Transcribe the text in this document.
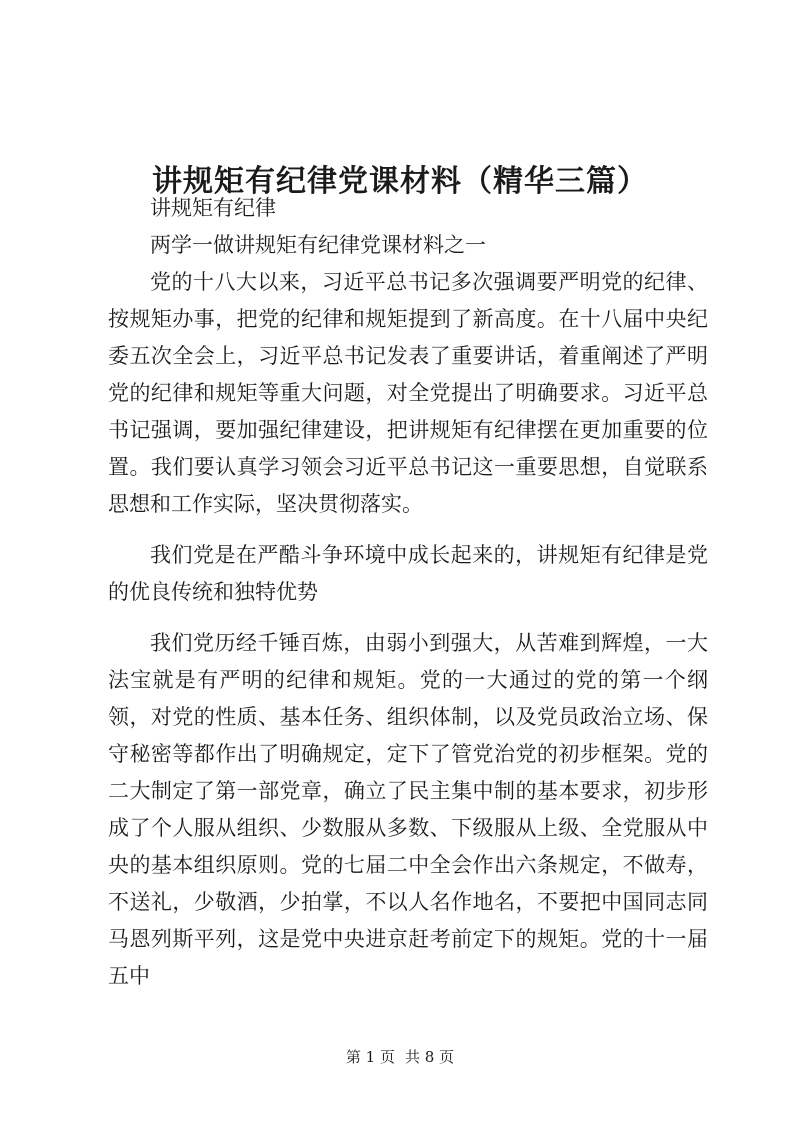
讲规矩有纪律党课材料（精华三篇）

讲规矩有纪律

两学一做讲规矩有纪律党课材料之一

党的十八大以来，习近平总书记多次强调要严明党的纪律、按规矩办事，把党的纪律和规矩提到了新高度。在十八届中央纪委五次全会上，习近平总书记发表了重要讲话，着重阐述了严明党的纪律和规矩等重大问题，对全党提出了明确要求。习近平总书记强调，要加强纪律建设，把讲规矩有纪律摆在更加重要的位置。我们要认真学习领会习近平总书记这一重要思想，自觉联系思想和工作实际，坚决贯彻落实。

我们党是在严酷斗争环境中成长起来的，讲规矩有纪律是党的优良传统和独特优势

我们党历经千锤百炼，由弱小到强大，从苦难到辉煌，一大法宝就是有严明的纪律和规矩。党的一大通过的党的第一个纲领，对党的性质、基本任务、组织体制，以及党员政治立场、保守秘密等都作出了明确规定，定下了管党治党的初步框架。党的二大制定了第一部党章，确立了民主集中制的基本要求，初步形成了个人服从组织、少数服从多数、下级服从上级、全党服从中央的基本组织原则。党的七届二中全会作出六条规定，不做寿，不送礼，少敬酒，少拍掌，不以人名作地名，不要把中国同志同马恩列斯平列，这是党中央进京赶考前定下的规矩。党的十一届五中

第 1 页 共 8 页
